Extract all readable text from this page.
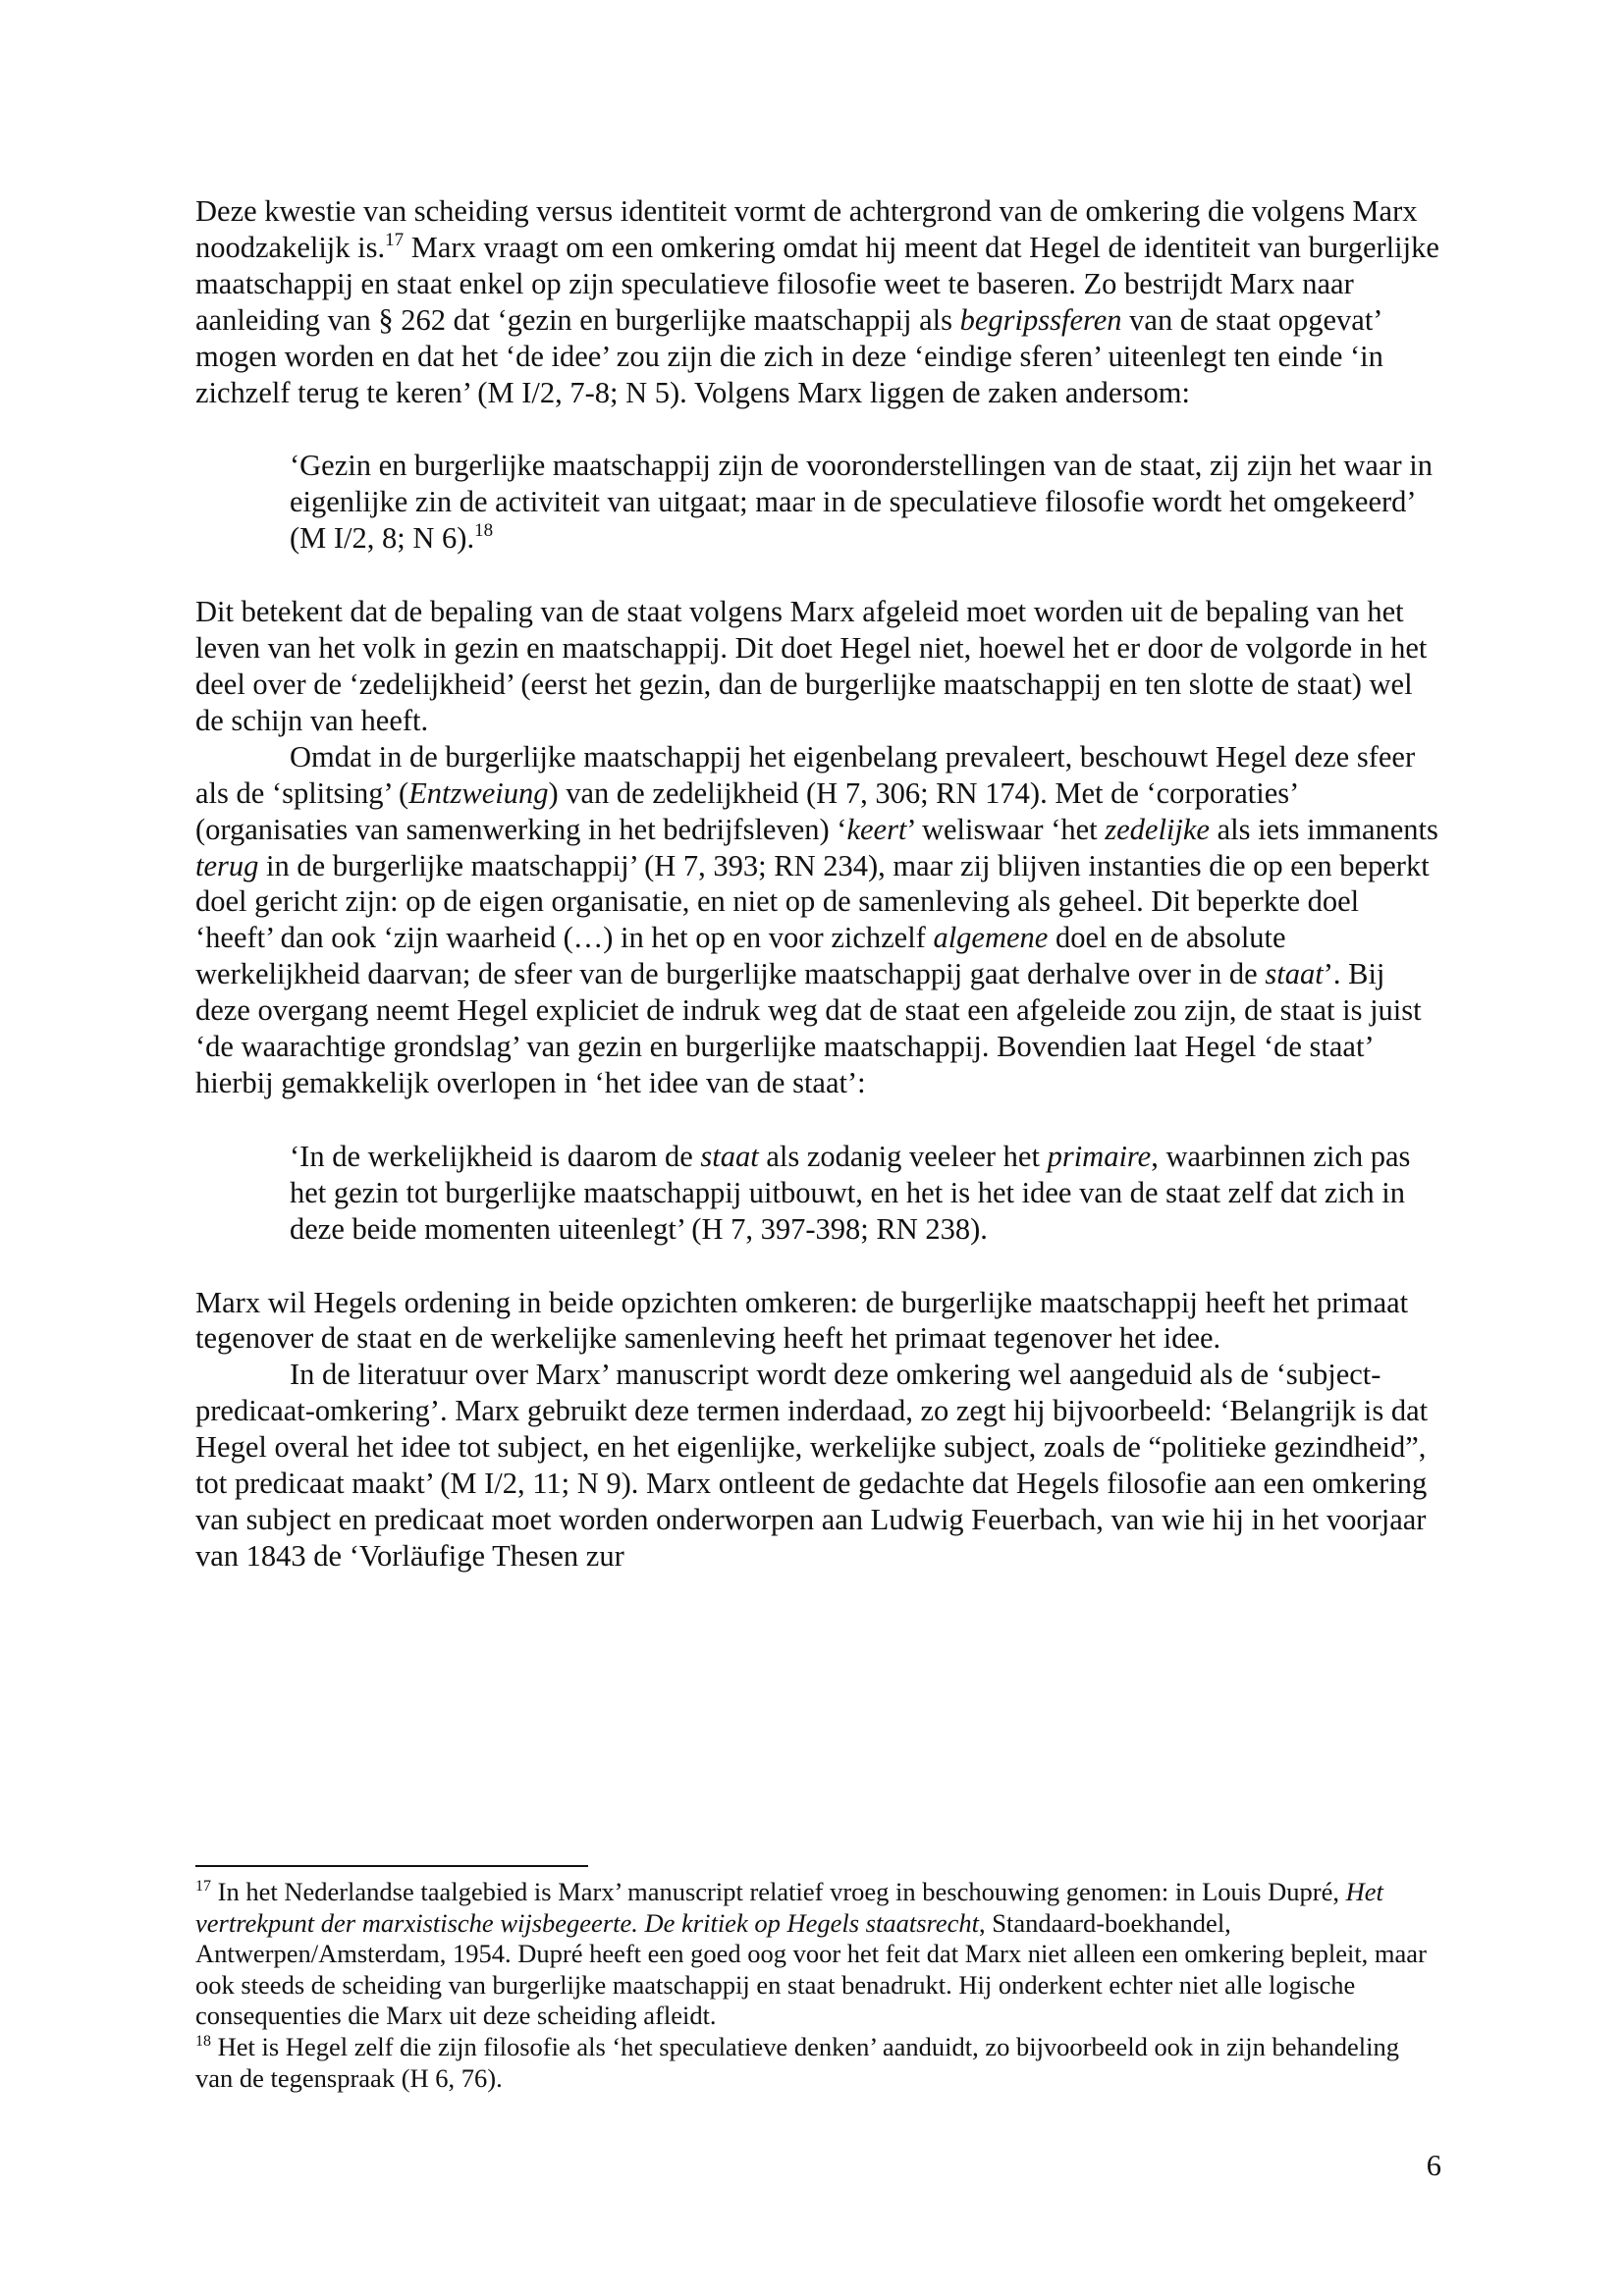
Deze kwestie van scheiding versus identiteit vormt de achtergrond van de omkering die volgens Marx noodzakelijk is.$^{17}$ Marx vraagt om een omkering omdat hij meent dat Hegel de identiteit van burgerlijke maatschappij en staat enkel op zijn speculatieve filosofie weet te baseren. Zo bestrijdt Marx naar aanleiding van § 262 dat ‘gezin en burgerlijke maatschappij als begripssferen van de staat opgevat’ mogen worden en dat het ‘de idee’ zou zijn die zich in deze ‘eindige sferen’ uiteenlegt ten einde ‘in zichzelf terug te keren’ (M I/2, 7-8; N 5). Volgens Marx liggen de zaken andersom:

‘Gezin en burgerlijke maatschappij zijn de vooronderstellingen van de staat, zij zijn het waar in eigenlijke zin de activiteit van uitgaat; maar in de speculatieve filosofie wordt het omgekeerd’ (M I/2, 8; N 6).$^{18}$

Dit betekent dat de bepaling van de staat volgens Marx afgeleid moet worden uit de bepaling van het leven van het volk in gezin en maatschappij. Dit doet Hegel niet, hoewel het er door de volgorde in het deel over de ‘zedelijkheid’ (eerst het gezin, dan de burgerlijke maatschappij en ten slotte de staat) wel de schijn van heeft.

Omdat in de burgerlijke maatschappij het eigenbelang prevaleert, beschouwt Hegel deze sfeer als de ‘splitsing’ (Entzweiung) van de zedelijkheid (H 7, 306; RN 174). Met de ‘corporaties’ (organisaties van samenwerking in het bedrijfsleven) ‘keert’ weliswaar ‘het zedelijke als iets immanents terug in de burgerlijke maatschappij’ (H 7, 393; RN 234), maar zij blijven instanties die op een beperkt doel gericht zijn: op de eigen organisatie, en niet op de samenleving als geheel. Dit beperkte doel ‘heeft’ dan ook ‘zijn waarheid (…) in het op en voor zichzelf algemene doel en de absolute werkelijkheid daarvan; de sfeer van de burgerlijke maatschappij gaat derhalve over in de staat’. Bij deze overgang neemt Hegel expliciet de indruk weg dat de staat een afgeleide zou zijn, de staat is juist ‘de waarachtige grondslag’ van gezin en burgerlijke maatschappij. Bovendien laat Hegel ‘de staat’ hierbij gemakkelijk overlopen in ‘het idee van de staat’:

‘In de werkelijkheid is daarom de staat als zodanig veeleer het primaire, waarbinnen zich pas het gezin tot burgerlijke maatschappij uitbouwt, en het is het idee van de staat zelf dat zich in deze beide momenten uiteenlegt’ (H 7, 397-398; RN 238).

Marx wil Hegels ordening in beide opzichten omkeren: de burgerlijke maatschappij heeft het primaat tegenover de staat en de werkelijke samenleving heeft het primaat tegenover het idee.

In de literatuur over Marx’ manuscript wordt deze omkering wel aangeduid als de ‘subject-predicaat-omkering’. Marx gebruikt deze termen inderdaad, zo zegt hij bijvoorbeeld: ‘Belangrijk is dat Hegel overal het idee tot subject, en het eigenlijke, werkelijke subject, zoals de “politieke gezindheid”, tot predicaat maakt’ (M I/2, 11; N 9). Marx ontleent de gedachte dat Hegels filosofie aan een omkering van subject en predicaat moet worden onderworpen aan Ludwig Feuerbach, van wie hij in het voorjaar van 1843 de ‘Vorläufige Thesen zur

$^{17}$ In het Nederlandse taalgebied is Marx’ manuscript relatief vroeg in beschouwing genomen: in Louis Dupré, Het vertrekpunt der marxistische wijsbegeerte. De kritiek op Hegels staatsrecht, Standaard-boekhandel, Antwerpen/Amsterdam, 1954. Dupré heeft een goed oog voor het feit dat Marx niet alleen een omkering bepleit, maar ook steeds de scheiding van burgerlijke maatschappij en staat benadrukt. Hij onderkent echter niet alle logische consequenties die Marx uit deze scheiding afleidt.

$^{18}$ Het is Hegel zelf die zijn filosofie als ‘het speculatieve denken’ aanduidt, zo bijvoorbeeld ook in zijn behandeling van de tegenspraak (H 6, 76).

6
